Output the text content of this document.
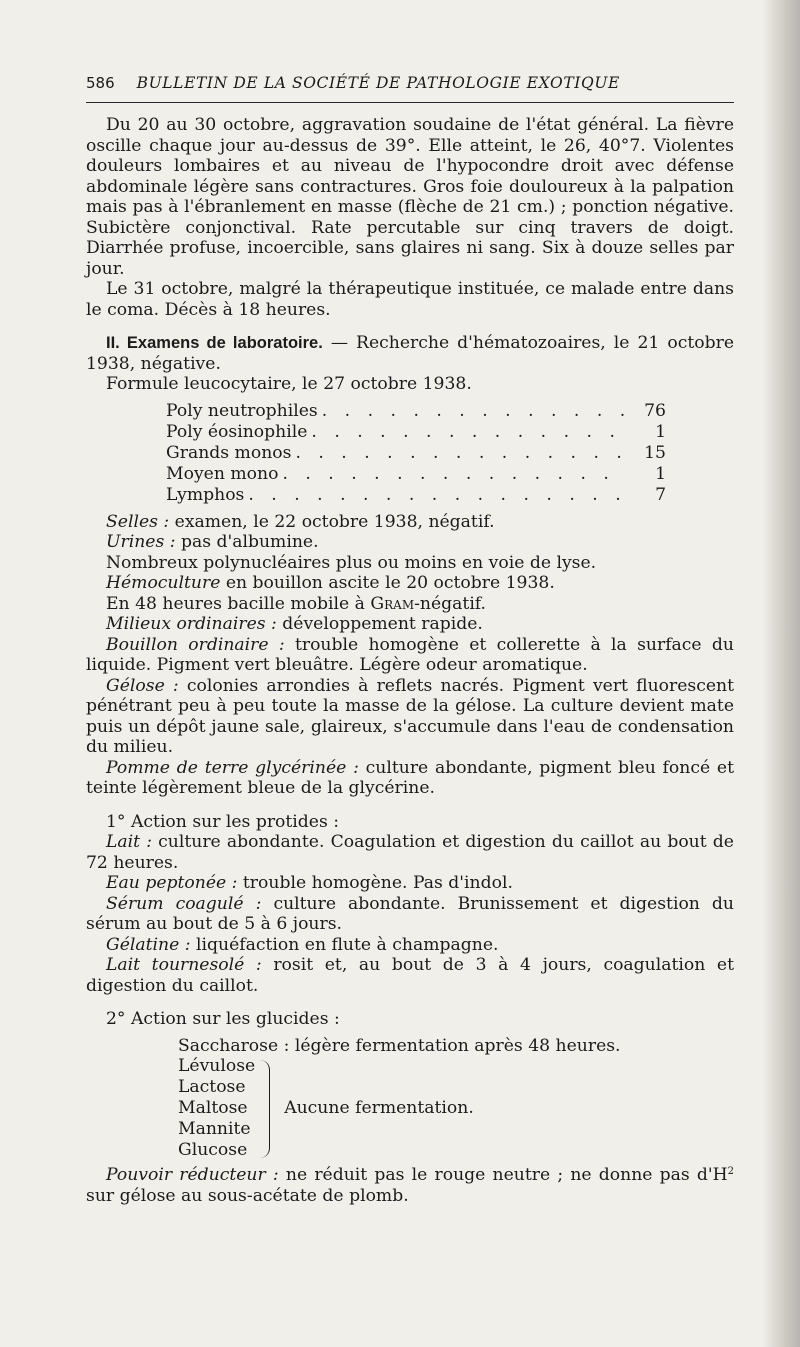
586 BULLETIN DE LA SOCIÉTÉ DE PATHOLOGIE EXOTIQUE

Du 20 au 30 octobre, aggravation soudaine de l'état général. La fièvre oscille chaque jour au-dessus de 39°. Elle atteint, le 26, 40°7. Violentes douleurs lombaires et au niveau de l'hypocondre droit avec défense abdominale légère sans contractures. Gros foie douloureux à la palpation mais pas à l'ébranlement en masse (flèche de 21 cm.) ; ponction négative. Subictère conjonctival. Rate percutable sur cinq travers de doigt. Diarrhée profuse, incoercible, sans glaires ni sang. Six à douze selles par jour.

Le 31 octobre, malgré la thérapeutique instituée, ce malade entre dans le coma. Décès à 18 heures.

II. Examens de laboratoire. — Recherche d'hématozoaires, le 21 octobre 1938, négative.

Formule leucocytaire, le 27 octobre 1938.

Poly neutrophiles . . .	76
Poly éosinophile . . .	1
Grands monos . . .	15
Moyen mono . . .	1
Lymphos . . .	7

Selles : examen, le 22 octobre 1938, négatif.

Urines : pas d'albumine.

Nombreux polynucléaires plus ou moins en voie de lyse.

Hémoculture en bouillon ascite le 20 octobre 1938.

En 48 heures bacille mobile à Gram-négatif.

Milieux ordinaires : développement rapide.

Bouillon ordinaire : trouble homogène et collerette à la surface du liquide. Pigment vert bleuâtre. Légère odeur aromatique.

Gélose : colonies arrondies à reflets nacrés. Pigment vert fluorescent pénétrant peu à peu toute la masse de la gélose. La culture devient mate puis un dépôt jaune sale, glaireux, s'accumule dans l'eau de condensation du milieu.

Pomme de terre glycérinée : culture abondante, pigment bleu foncé et teinte légèrement bleue de la glycérine.

1° Action sur les protides :

Lait : culture abondante. Coagulation et digestion du caillot au bout de 72 heures.

Eau peptonée : trouble homogène. Pas d'indol.

Sérum coagulé : culture abondante. Brunissement et digestion du sérum au bout de 5 à 6 jours.

Gélatine : liquéfaction en flute à champagne.

Lait tournesolé : rosit et, au bout de 3 à 4 jours, coagulation et digestion du caillot.

2° Action sur les glucides :

Saccharose : légère fermentation après 48 heures.
Lévulose
Lactose
Maltose
Mannite
Glucose
Aucune fermentation.

Pouvoir réducteur : ne réduit pas le rouge neutre ; ne donne pas $d'H^2$ sur gélose au sous-acétate de plomb.
